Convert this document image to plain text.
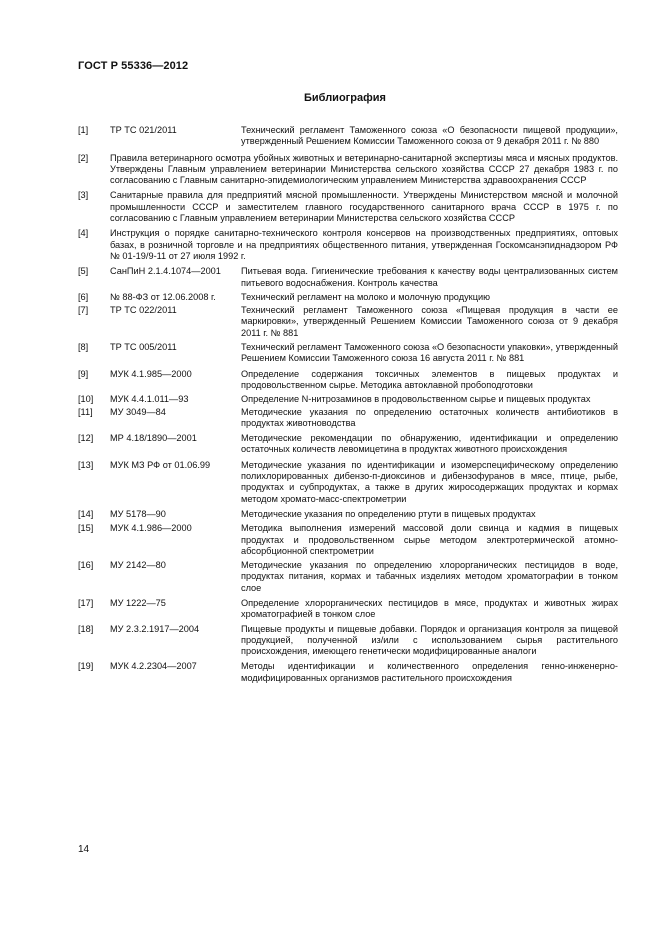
ГОСТ Р 55336—2012
Библиография
[1] ТР ТС 021/2011	Технический регламент Таможенного союза «О безопасности пищевой продукции», утвержденный Решением Комиссии Таможенного союза от 9 декабря 2011 г. № 880
[2] Правила ветеринарного осмотра убойных животных и ветеринарно-санитарной экспертизы мяса и мясных продуктов. Утверждены Главным управлением ветеринарии Министерства сельского хозяйства СССР 27 декабря 1983 г. по согласованию с Главным санитарно-эпидемиологическим управлением Министерства здравоохранения СССР
[3] Санитарные правила для предприятий мясной промышленности. Утверждены Министерством мясной и молочной промышленности СССР и заместителем главного государственного санитарного врача СССР в 1975 г. по согласованию с Главным управлением ветеринарии Министерства сельского хозяйства СССР
[4] Инструкция о порядке санитарно-технического контроля консервов на производственных предприятиях, оптовых базах, в розничной торговле и на предприятиях общественного питания, утвержденная Госкомсанэпиднадзором РФ № 01-19/9-11 от 27 июля 1992 г.
[5] СанПиН 2.1.4.1074—2001	Питьевая вода. Гигиенические требования к качеству воды централизованных систем питьевого водоснабжения. Контроль качества
[6] № 88-ФЗ от 12.06.2008 г.	Технический регламент на молоко и молочную продукцию
[7] ТР ТС 022/2011	Технический регламент Таможенного союза «Пищевая продукция в части ее маркировки», утвержденный Решением Комиссии Таможенного союза от 9 декабря 2011 г. № 881
[8] ТР ТС 005/2011	Технический регламент Таможенного союза «О безопасности упаковки», утвержденный Решением Комиссии Таможенного союза 16 августа 2011 г. № 881
[9] МУК 4.1.985—2000	Определение содержания токсичных элементов в пищевых продуктах и продовольственном сырье. Методика автоклавной пробоподготовки
[10] МУК 4.4.1.011—93	Определение N-нитрозаминов в продовольственном сырье и пищевых продуктах
[11] МУ 3049—84	Методические указания по определению остаточных количеств антибиотиков в продуктах животноводства
[12] МР 4.18/1890—2001	Методические рекомендации по обнаружению, идентификации и определению остаточных количеств левомицетина в продуктах животного происхождения
[13] МУК МЗ РФ от 01.06.99	Методические указания по идентификации и изомерспецифическому определению полихлорированных дибензо-п-диоксинов и дибензофуранов в мясе, птице, рыбе, продуктах и субпродуктах, а также в других жиросодержащих продуктах и кормах методом хромато-масс-спектрометрии
[14] МУ 5178—90	Методические указания по определению ртути в пищевых продуктах
[15] МУК 4.1.986—2000	Методика выполнения измерений массовой доли свинца и кадмия в пищевых продуктах и продовольственном сырье методом электротермической атомно-абсорбционной спектрометрии
[16] МУ 2142—80	Методические указания по определению хлорорганических пестицидов в воде, продуктах питания, кормах и табачных изделиях методом хроматографии в тонком слое
[17] МУ 1222—75	Определение хлорорганических пестицидов в мясе, продуктах и животных жирах хроматографией в тонком слое
[18] МУ 2.3.2.1917—2004	Пищевые продукты и пищевые добавки. Порядок и организация контроля за пищевой продукцией, полученной из/или с использованием сырья растительного происхождения, имеющего генетически модифицированные аналоги
[19] МУК 4.2.2304—2007	Методы идентификации и количественного определения генно-инженерно-модифицированных организмов растительного происхождения
14
